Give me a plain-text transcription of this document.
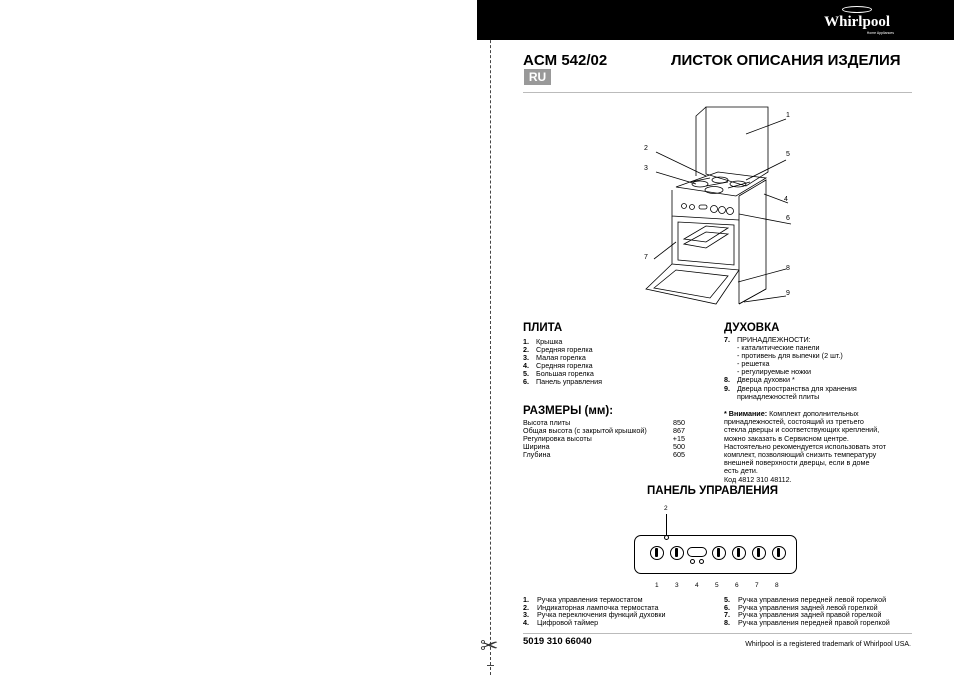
✂
Whirlpool
Home Appliances
ACM 542/02	ЛИСТОК ОПИСАНИЯ ИЗДЕЛИЯ
RU
1
2
3
4
5
6
7
8
9
ПЛИТА
1. Крышка
2. Средняя горелка
3. Малая горелка
4. Средняя горелка
5. Большая горелка
6. Панель управления
ДУХОВКА
7. ПРИНАДЛЕЖНОСТИ:
- каталитические панели
- противень для выпечки (2 шт.)
- решетка
- регулируемые ножки
8. Дверца духовки *
9. Дверца пространства для хранения
принадлежностей плиты
РАЗМЕРЫ (мм):
Высота плиты	850
Общая высота (с закрытой крышкой)	867
Регулировка высоты	+15
Ширина	500
Глубина	605
* Внимание: Комплект дополнительных
принадлежностей, состоящий из третьего
стекла дверцы и соответствующих креплений,
можно заказать в Сервисном центре.
Настоятельно рекомендуется использовать этот
комплект, позволяющий снизить температуру
внешней поверхности дверцы, если в доме
есть дети.
Код 4812 310 48112.
ПАНЕЛЬ УПРАВЛЕНИЯ
2
1	3	4	5	6	7	8
1. Ручка управления термостатом
2. Индикаторная лампочка термостата
3. Ручка переключения функций духовки
4. Цифровой таймер
5. Ручка управления передней левой горелкой
6. Ручка управления задней левой горелкой
7. Ручка управления задней правой горелкой
8. Ручка управления передней правой горелкой
5019 310 66040	Whirlpool is a registered trademark of Whirlpool USA.
